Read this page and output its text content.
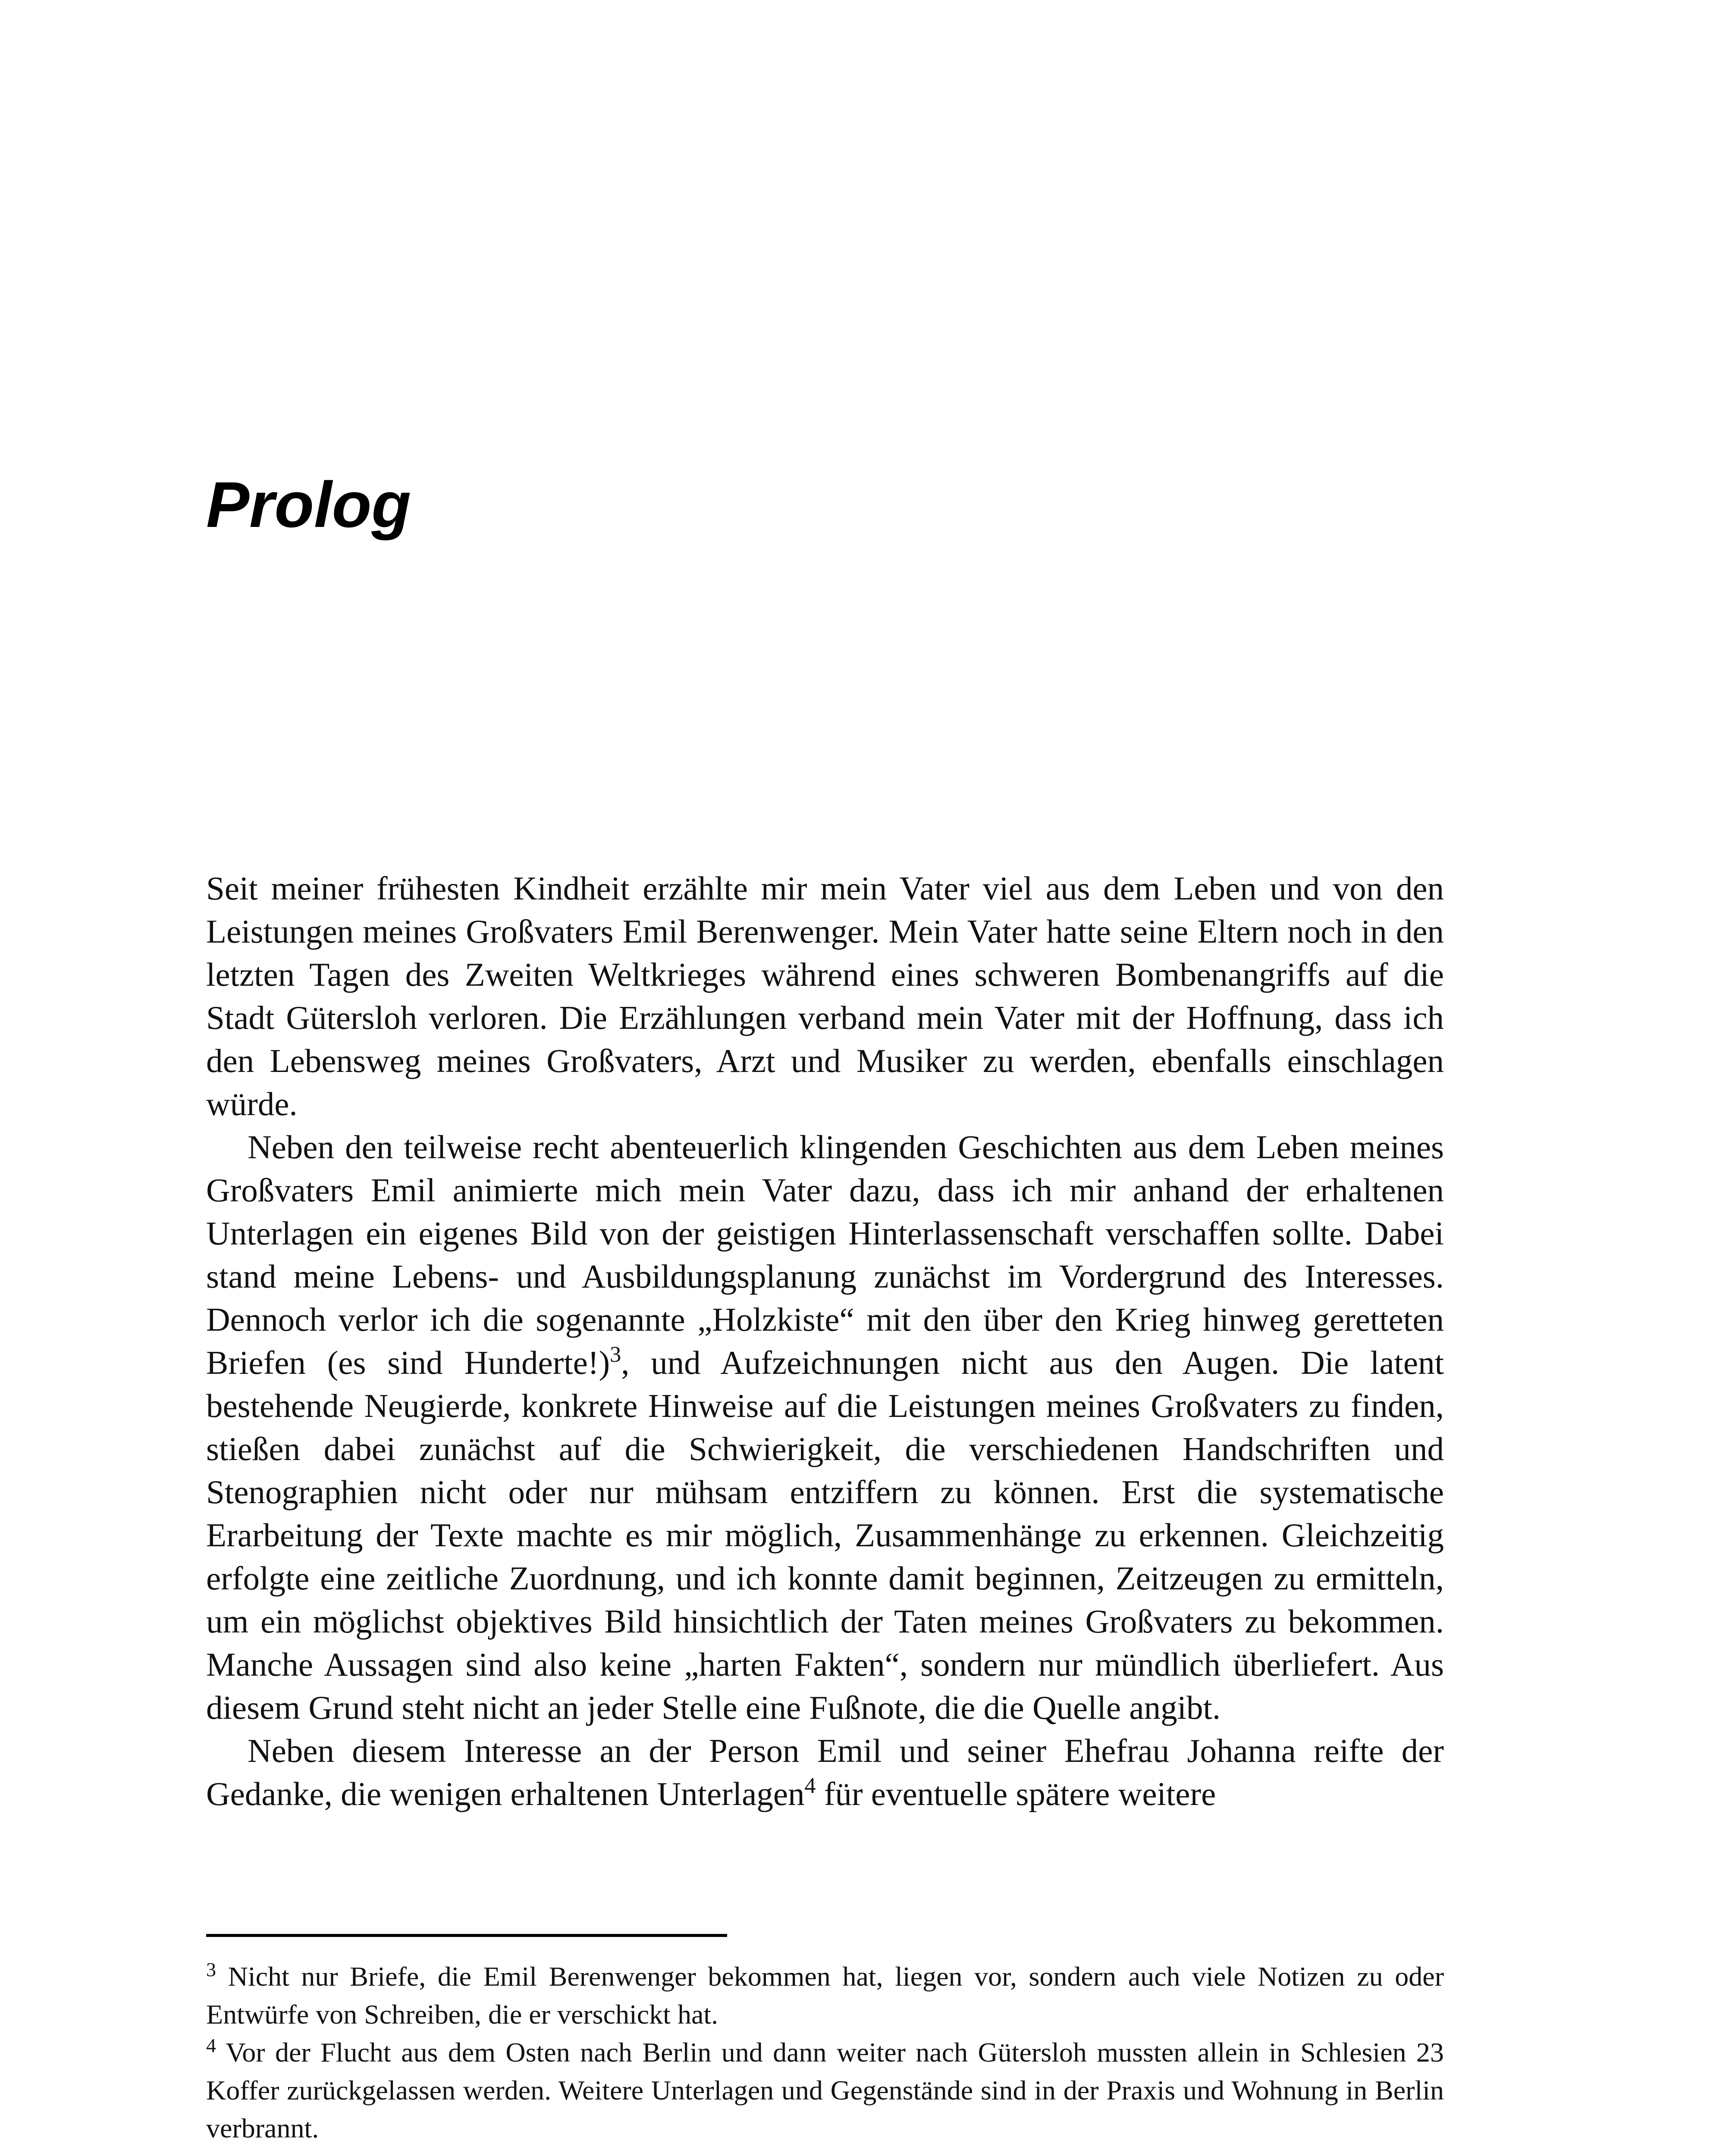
Prolog

Seit meiner frühesten Kindheit erzählte mir mein Vater viel aus dem Leben und von den Leistungen meines Großvaters Emil Berenwenger. Mein Vater hatte seine Eltern noch in den letzten Tagen des Zweiten Weltkrieges während eines schweren Bombenangriffs auf die Stadt Gütersloh verloren. Die Erzählungen verband mein Vater mit der Hoffnung, dass ich den Lebensweg meines Großvaters, Arzt und Musiker zu werden, ebenfalls einschlagen würde.

Neben den teilweise recht abenteuerlich klingenden Geschichten aus dem Leben meines Großvaters Emil animierte mich mein Vater dazu, dass ich mir anhand der erhaltenen Unterlagen ein eigenes Bild von der geistigen Hinterlassenschaft verschaffen sollte. Dabei stand meine Lebens- und Ausbildungsplanung zunächst im Vordergrund des Interesses. Dennoch verlor ich die sogenannte „Holzkiste“ mit den über den Krieg hinweg geretteten Briefen (es sind Hunderte!)$^3$, und Aufzeichnungen nicht aus den Augen. Die latent bestehende Neugierde, konkrete Hinweise auf die Leistungen meines Großvaters zu finden, stießen dabei zunächst auf die Schwierigkeit, die verschiedenen Handschriften und Stenographien nicht oder nur mühsam entziffern zu können. Erst die systematische Erarbeitung der Texte machte es mir möglich, Zusammenhänge zu erkennen. Gleichzeitig erfolgte eine zeitliche Zuordnung, und ich konnte damit beginnen, Zeitzeugen zu ermitteln, um ein möglichst objektives Bild hinsichtlich der Taten meines Großvaters zu bekommen. Manche Aussagen sind also keine „harten Fakten“, sondern nur mündlich überliefert. Aus diesem Grund steht nicht an jeder Stelle eine Fußnote, die die Quelle angibt.

Neben diesem Interesse an der Person Emil und seiner Ehefrau Johanna reifte der Gedanke, die wenigen erhaltenen Unterlagen$^4$ für eventuelle spätere weitere

$^3$ Nicht nur Briefe, die Emil Berenwenger bekommen hat, liegen vor, sondern auch viele Notizen zu oder Entwürfe von Schreiben, die er verschickt hat.

$^4$ Vor der Flucht aus dem Osten nach Berlin und dann weiter nach Gütersloh mussten allein in Schlesien 23 Koffer zurückgelassen werden. Weitere Unterlagen und Gegenstände sind in der Praxis und Wohnung in Berlin verbrannt.
